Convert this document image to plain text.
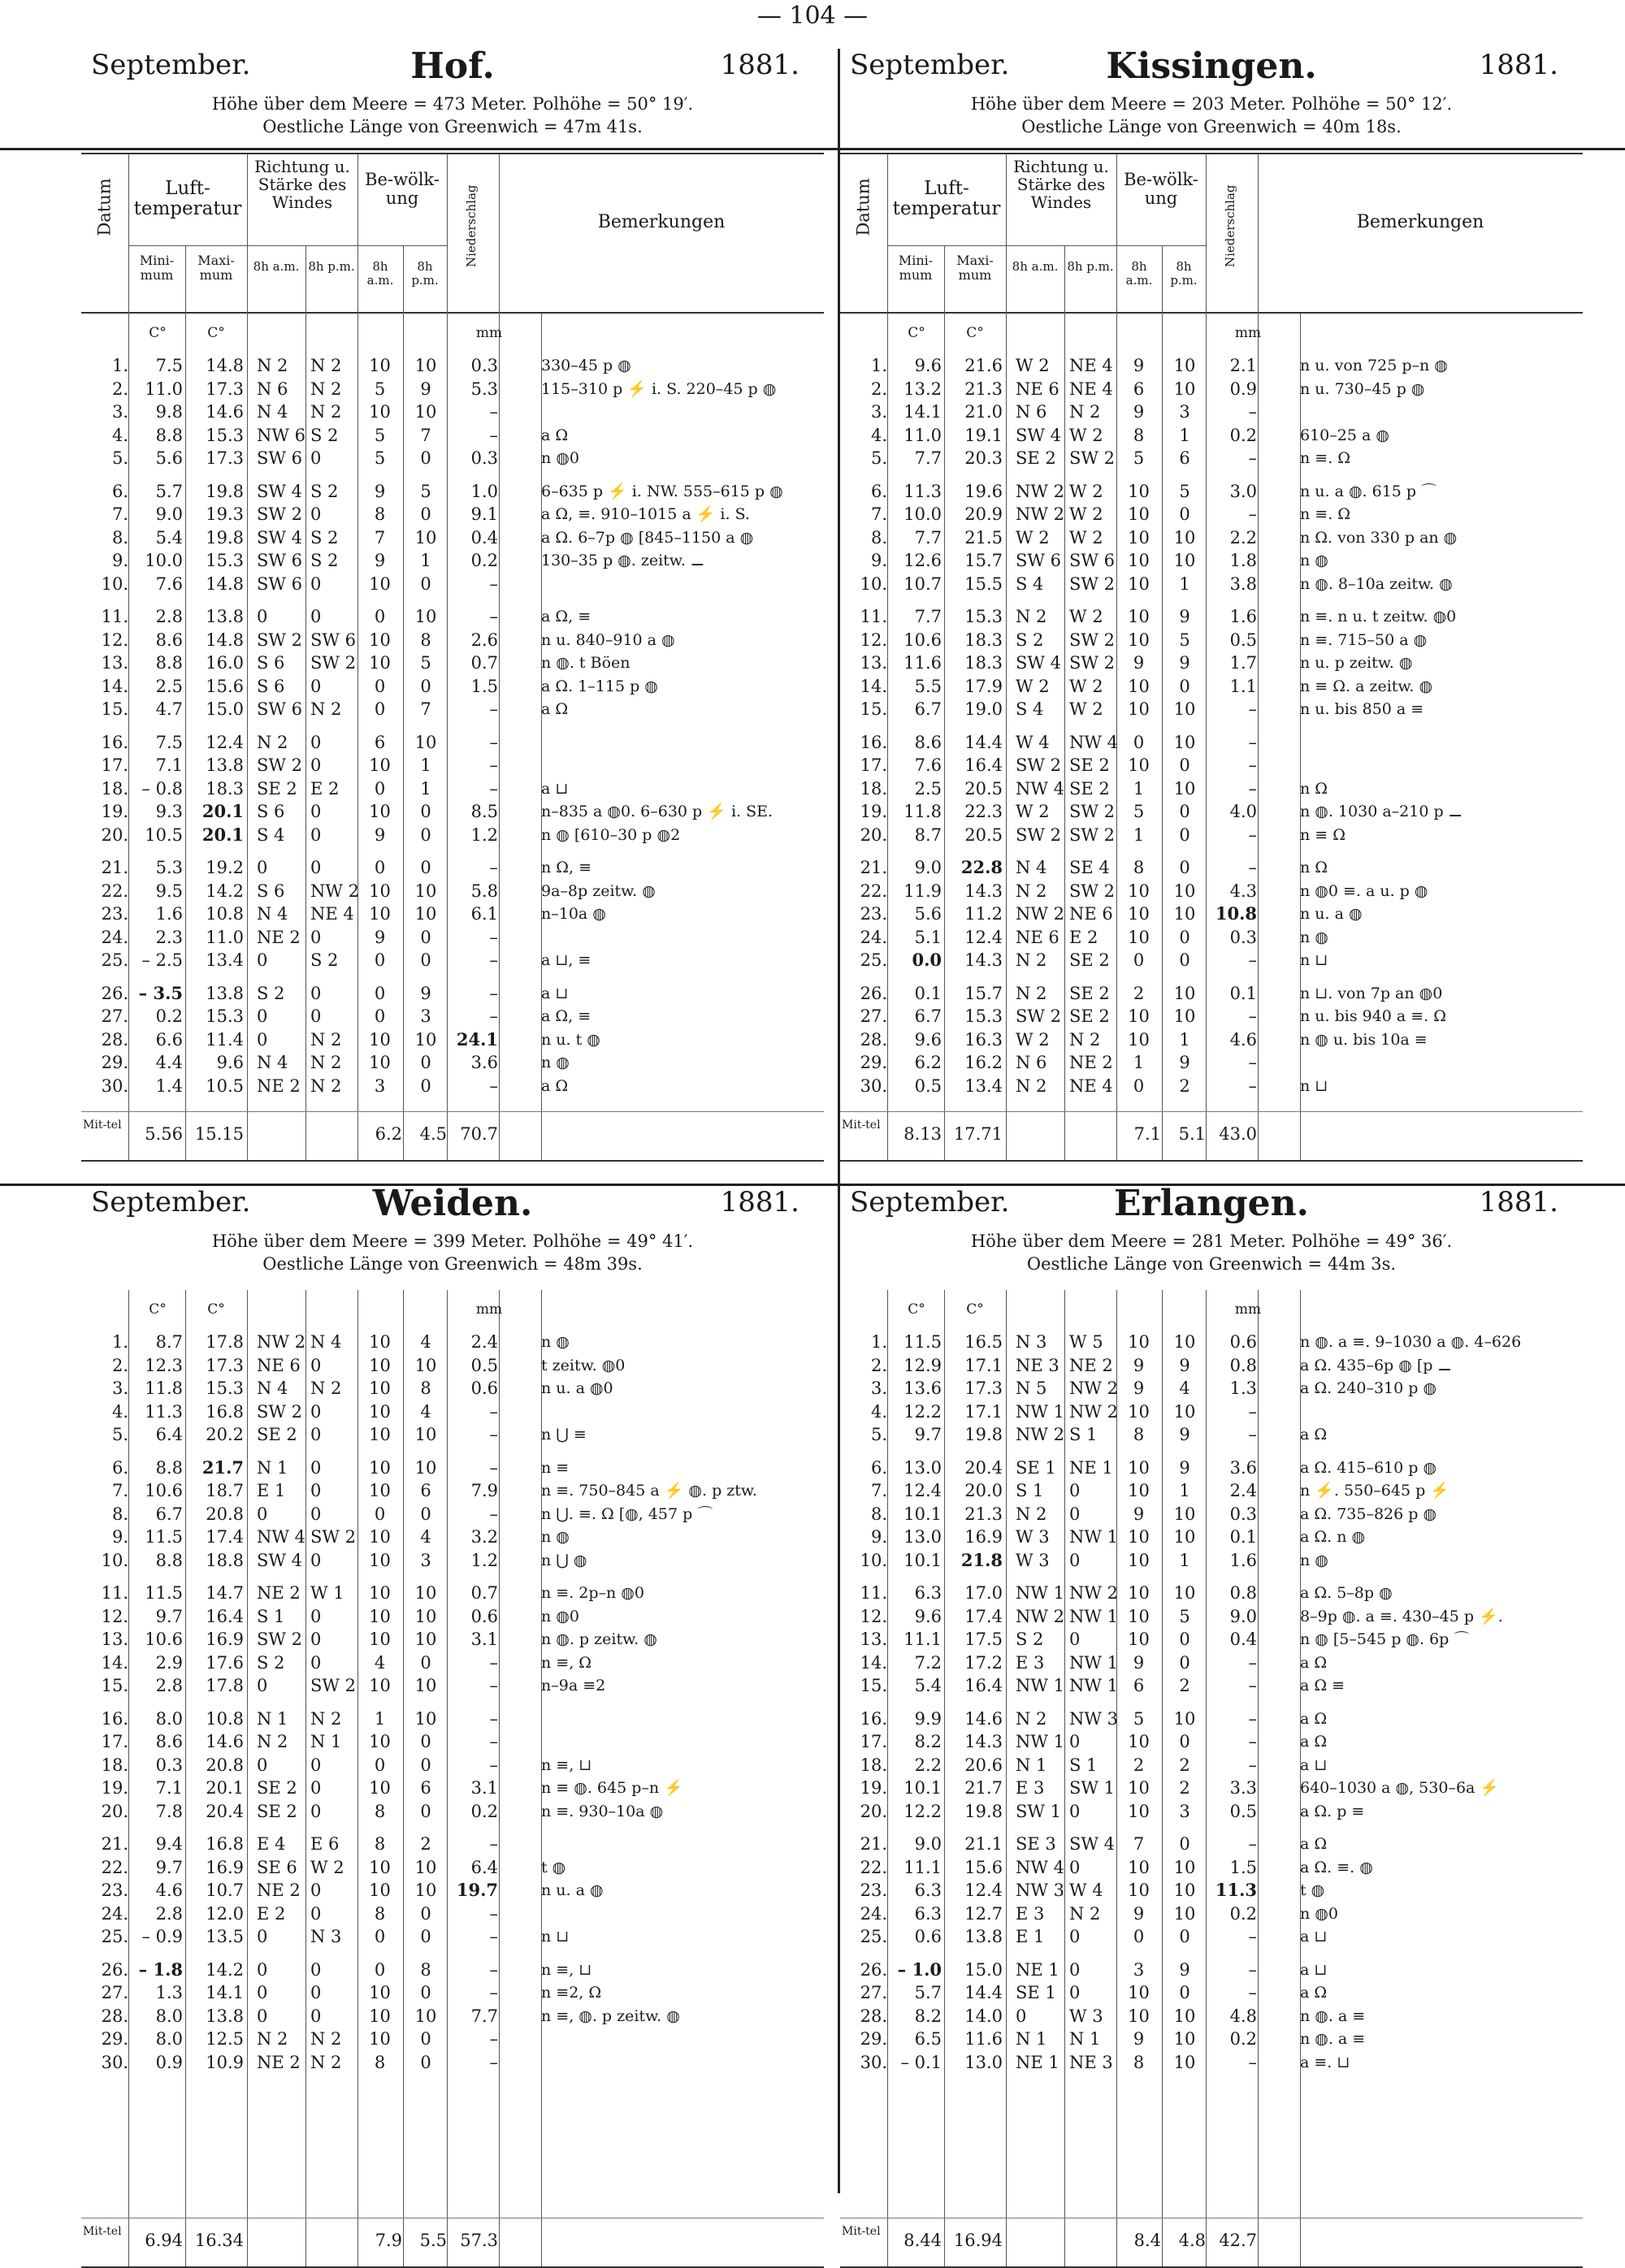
— 104 —
September.	Hof.	1881.
Höhe über dem Meere = 473 Meter. Polhöhe = 50° 19′.
Oestliche Länge von Greenwich = 47m 41s.
Datum	Luft-temperatur
Mini-mum
Maxi-mum
Richtung u. Stärke des Windes
8h a.m. 8h p.m.
Be-wölk-ung
8h a.m.
8h p.m.
Niederschlag	Bemerkungen
C°	C°	mm
1.	7.5	14.8 N 2	N 2	10	10	0.3	330–45 p ◍
2. 11.0	17.3 N 6	N 2	5	9	5.3	115–310 p ⚡ i. S. 220–45 p ◍
3.	9.8	14.6 N 4	N 2	10	10	–
4.	8.8	15.3 NW 6 S 2	5	7	–	a Ω
5.	5.6	17.3 SW 6 0	5	0	0.3	n ◍0
6.	5.7	19.8 SW 4 S 2	9	5	1.0	6–635 p ⚡ i. NW. 555–615 p ◍
7.	9.0	19.3 SW 2 0	8	0	9.1	a Ω, ≡. 910–1015 a ⚡ i. S.
8.	5.4	19.8 SW 4 S 2	7	10	0.4	a Ω. 6–7p ◍ [845–1150 a ◍
9. 10.0	15.3 SW 6 S 2	9	1	0.2	130–35 p ◍. zeitw. ⚊
10.	7.6	14.8 SW 6 0	10	0	–
11.	2.8	13.8 0	0	0	10	–	a Ω, ≡
12.	8.6	14.8 SW 2 SW 6 10	8	2.6	n u. 840–910 a ◍
13.	8.8	16.0 S 6	SW 2 10	5	0.7	n ◍. t Böen
14.	2.5	15.6 S 6	0	0	0	1.5	a Ω. 1–115 p ◍
15.	4.7	15.0 SW 6 N 2	0	7	–	a Ω
16.	7.5	12.4 N 2	0	6	10	–
17.	7.1	13.8 SW 2 0	10	1	–
18. – 0.8	18.3 SE 2 E 2	0	1	–	a ⊔
19.	9.3	20.1 S 6	0	10	0	8.5	n–835 a ◍0. 6–630 p ⚡ i. SE.
20. 10.5	20.1 S 4	0	9	0	1.2	n ◍ [610–30 p ◍2
21.	5.3	19.2 0	0	0	0	–	n Ω, ≡
22.	9.5	14.2 S 6	NW 2 10	10	5.8	9a–8p zeitw. ◍
23.	1.6	10.8 N 4	NE 4 10	10	6.1	n–10a ◍
24.	2.3	11.0 NE 2 0	9	0	–
25. – 2.5	13.4 0	S 2	0	0	–	a ⊔, ≡
26. – 3.5	13.8 S 2	0	0	9	–	a ⊔
27.	0.2	15.3 0	0	0	3	–	a Ω, ≡
28.	6.6	11.4 0	N 2	10	10	24.1	n u. t ◍
29.	4.4	9.6 N 4	N 2	10	0	3.6	n ◍
30.	1.4	10.5 NE 2 N 2	3	0	–	a Ω
Mit-tel	5.56 15.15	6.2	4.5 70.7
September.	Kissingen.	1881.
Höhe über dem Meere = 203 Meter. Polhöhe = 50° 12′.
Oestliche Länge von Greenwich = 40m 18s.
Datum	Luft-temperatur
Mini-mum
Maxi-mum
Richtung u. Stärke des Windes
8h a.m. 8h p.m.
Be-wölk-ung
8h a.m.
8h p.m.
Niederschlag	Bemerkungen
C°	C°	mm
1.	9.6	21.6 W 2	NE 4	9	10	2.1	n u. von 725 p–n ◍
2. 13.2	21.3 NE 6 NE 4	6	10	0.9	n u. 730–45 p ◍
3. 14.1	21.0 N 6	N 2	9	3	–
4. 11.0	19.1 SW 4 W 2	8	1	0.2	610–25 a ◍
5.	7.7	20.3 SE 2 SW 2	5	6	–	n ≡. Ω
6. 11.3	19.6 NW 2 W 2	10	5	3.0	n u. a ◍. 615 p ⌒
7. 10.0	20.9 NW 2 W 2	10	0	–	n ≡. Ω
8.	7.7	21.5 W 2	W 2	10	10	2.2	n Ω. von 330 p an ◍
9. 12.6	15.7 SW 6 SW 6 10	10	1.8	n ◍
10. 10.7	15.5 S 4	SW 2 10	1	3.8	n ◍. 8–10a zeitw. ◍
11.	7.7	15.3 N 2	W 2	10	9	1.6	n ≡. n u. t zeitw. ◍0
12. 10.6	18.3 S 2	SW 2 10	5	0.5	n ≡. 715–50 a ◍
13. 11.6	18.3 SW 4 SW 2	9	9	1.7	n u. p zeitw. ◍
14.	5.5	17.9 W 2	W 2	10	0	1.1	n ≡ Ω. a zeitw. ◍
15.	6.7	19.0 S 4	W 2	10	10	–	n u. bis 850 a ≡
16.	8.6	14.4 W 4	NW 4 0	10	–
17.	7.6	16.4 SW 2 SE 2	10	0	–
18.	2.5	20.5 NW 4 SE 2	1	10	–	n Ω
19. 11.8	22.3 W 2	SW 2	5	0	4.0	n ◍. 1030 a–210 p ⚊
20.	8.7	20.5 SW 2 SW 2	1	0	–	n ≡ Ω
21.	9.0	22.8 N 4	SE 4	8	0	–	n Ω
22. 11.9	14.3 N 2	SW 2 10	10	4.3	n ◍0 ≡. a u. p ◍
23.	5.6	11.2 NW 2 NE 6 10	10	10.8	n u. a ◍
24.	5.1	12.4 NE 6 E 2	10	0	0.3	n ◍
25.	0.0	14.3 N 2	SE 2	0	0	–	n ⊔
26.	0.1	15.7 N 2	SE 2	2	10	0.1	n ⊔. von 7p an ◍0
27.	6.7	15.3 SW 2 SE 2	10	10	–	n u. bis 940 a ≡. Ω
28.	9.6	16.3 W 2	N 2	10	1	4.6	n ◍ u. bis 10a ≡
29.	6.2	16.2 N 6	NE 2	1	9	–
30.	0.5	13.4 N 2	NE 4	0	2	–	n ⊔
Mit-tel	8.13 17.71	7.1	5.1 43.0
September.	Weiden.	1881.
Höhe über dem Meere = 399 Meter. Polhöhe = 49° 41′.
Oestliche Länge von Greenwich = 48m 39s.
C°	C°	mm
1.	8.7	17.8 NW 2 N 4	10	4	2.4	n ◍
2. 12.3	17.3 NE 6 0	10	10	0.5	t zeitw. ◍0
3. 11.8	15.3 N 4	N 2	10	8	0.6	n u. a ◍0
4. 11.3	16.8 SW 2 0	10	4	–
5.	6.4	20.2 SE 2 0	10	10	–	n ⋃ ≡
6.	8.8	21.7 N 1	0	10	10	–	n ≡
7. 10.6	18.7 E 1	0	10	6	7.9	n ≡. 750–845 a ⚡ ◍. p ztw.
8.	6.7	20.8 0	0	0	0	–	n ⋃. ≡. Ω [◍, 457 p ⌒
9. 11.5	17.4 NW 4 SW 2 10	4	3.2	n ◍
10.	8.8	18.8 SW 4 0	10	3	1.2	n ⋃ ◍
11. 11.5	14.7 NE 2 W 1	10	10	0.7	n ≡. 2p–n ◍0
12.	9.7	16.4 S 1	0	10	10	0.6	n ◍0
13. 10.6	16.9 SW 2 0	10	10	3.1	n ◍. p zeitw. ◍
14.	2.9	17.6 S 2	0	4	0	–	n ≡, Ω
15.	2.8	17.8 0	SW 2 10	10	–	n–9a ≡2
16.	8.0	10.8 N 1	N 2	1	10	–
17.	8.6	14.6 N 2	N 1	10	0	–
18.	0.3	20.8 0	0	0	0	–	n ≡, ⊔
19.	7.1	20.1 SE 2 0	10	6	3.1	n ≡ ◍. 645 p–n ⚡
20.	7.8	20.4 SE 2 0	8	0	0.2	n ≡. 930–10a ◍
21.	9.4	16.8 E 4	E 6	8	2	–
22.	9.7	16.9 SE 6 W 2	10	10	6.4	t ◍
23.	4.6	10.7 NE 2 0	10	10	19.7	n u. a ◍
24.	2.8	12.0 E 2	0	8	0	–
25. – 0.9	13.5 0	N 3	0	0	–	n ⊔
26. – 1.8	14.2 0	0	0	8	–	n ≡, ⊔
27.	1.3	14.1 0	0	10	0	–	n ≡2, Ω
28.	8.0	13.8 0	0	10	10	7.7	n ≡, ◍. p zeitw. ◍
29.	8.0	12.5 N 2	N 2	10	0	–
30.	0.9	10.9 NE 2 N 2	8	0	–
Mit-tel	6.94 16.34	7.9	5.5 57.3
September.	Erlangen.	1881.
Höhe über dem Meere = 281 Meter. Polhöhe = 49° 36′.
Oestliche Länge von Greenwich = 44m 3s.
C°	C°	mm
1. 11.5	16.5 N 3	W 5	10	10	0.6	n ◍. a ≡. 9–1030 a ◍. 4–626
2. 12.9	17.1 NE 3 NE 2	9	9	0.8	a Ω. 435–6p ◍ [p ⚊
3. 13.6	17.3 N 5	NW 2 9	4	1.3	a Ω. 240–310 p ◍
4. 12.2	17.1 NW 1 NW 2 10	10	–
5.	9.7	19.8 NW 2 S 1	8	9	–	a Ω
6. 13.0	20.4 SE 1 NE 1 10	9	3.6	a Ω. 415–610 p ◍
7. 12.4	20.0 S 1	0	10	1	2.4	n ⚡. 550–645 p ⚡
8. 10.1	21.3 N 2	0	9	10	0.3	a Ω. 735–826 p ◍
9. 13.0	16.9 W 3	NW 1 10	10	0.1	a Ω. n ◍
10. 10.1	21.8 W 3	0	10	1	1.6	n ◍
11.	6.3	17.0 NW 1 NW 2 10	10	0.8	a Ω. 5–8p ◍
12.	9.6	17.4 NW 2 NW 1 10	5	9.0	8–9p ◍. a ≡. 430–45 p ⚡.
13. 11.1	17.5 S 2	0	10	0	0.4	n ◍ [5–545 p ◍. 6p ⌒
14.	7.2	17.2 E 3	NW 1 9	0	–	a Ω
15.	5.4	16.4 NW 1 NW 1 6	2	–	a Ω ≡
16.	9.9	14.6 N 2	NW 3 5	10	–	a Ω
17.	8.2	14.3 NW 1 0	10	0	–	a Ω
18.	2.2	20.6 N 1	S 1	2	2	–	a ⊔
19. 10.1	21.7 E 3	SW 1 10	2	3.3	640–1030 a ◍, 530–6a ⚡
20. 12.2	19.8 SW 1 0	10	3	0.5	a Ω. p ≡
21.	9.0	21.1 SE 3 SW 4	7	0	–	a Ω
22. 11.1	15.6 NW 4 0	10	10	1.5	a Ω. ≡. ◍
23.	6.3	12.4 NW 3 W 4	10	10	11.3	t ◍
24.	6.3	12.7 E 3	N 2	9	10	0.2	n ◍0
25.	0.6	13.8 E 1	0	0	0	–	a ⊔
26. – 1.0	15.0 NE 1 0	3	9	–	a ⊔
27.	5.7	14.4 SE 1 0	10	0	–	a Ω
28.	8.2	14.0 0	W 3	10	10	4.8	n ◍. a ≡
29.	6.5	11.6 N 1	N 1	9	10	0.2	n ◍. a ≡
30. – 0.1	13.0 NE 1 NE 3	8	10	–	a ≡. ⊔
Mit-tel	8.44 16.94	8.4	4.8 42.7
